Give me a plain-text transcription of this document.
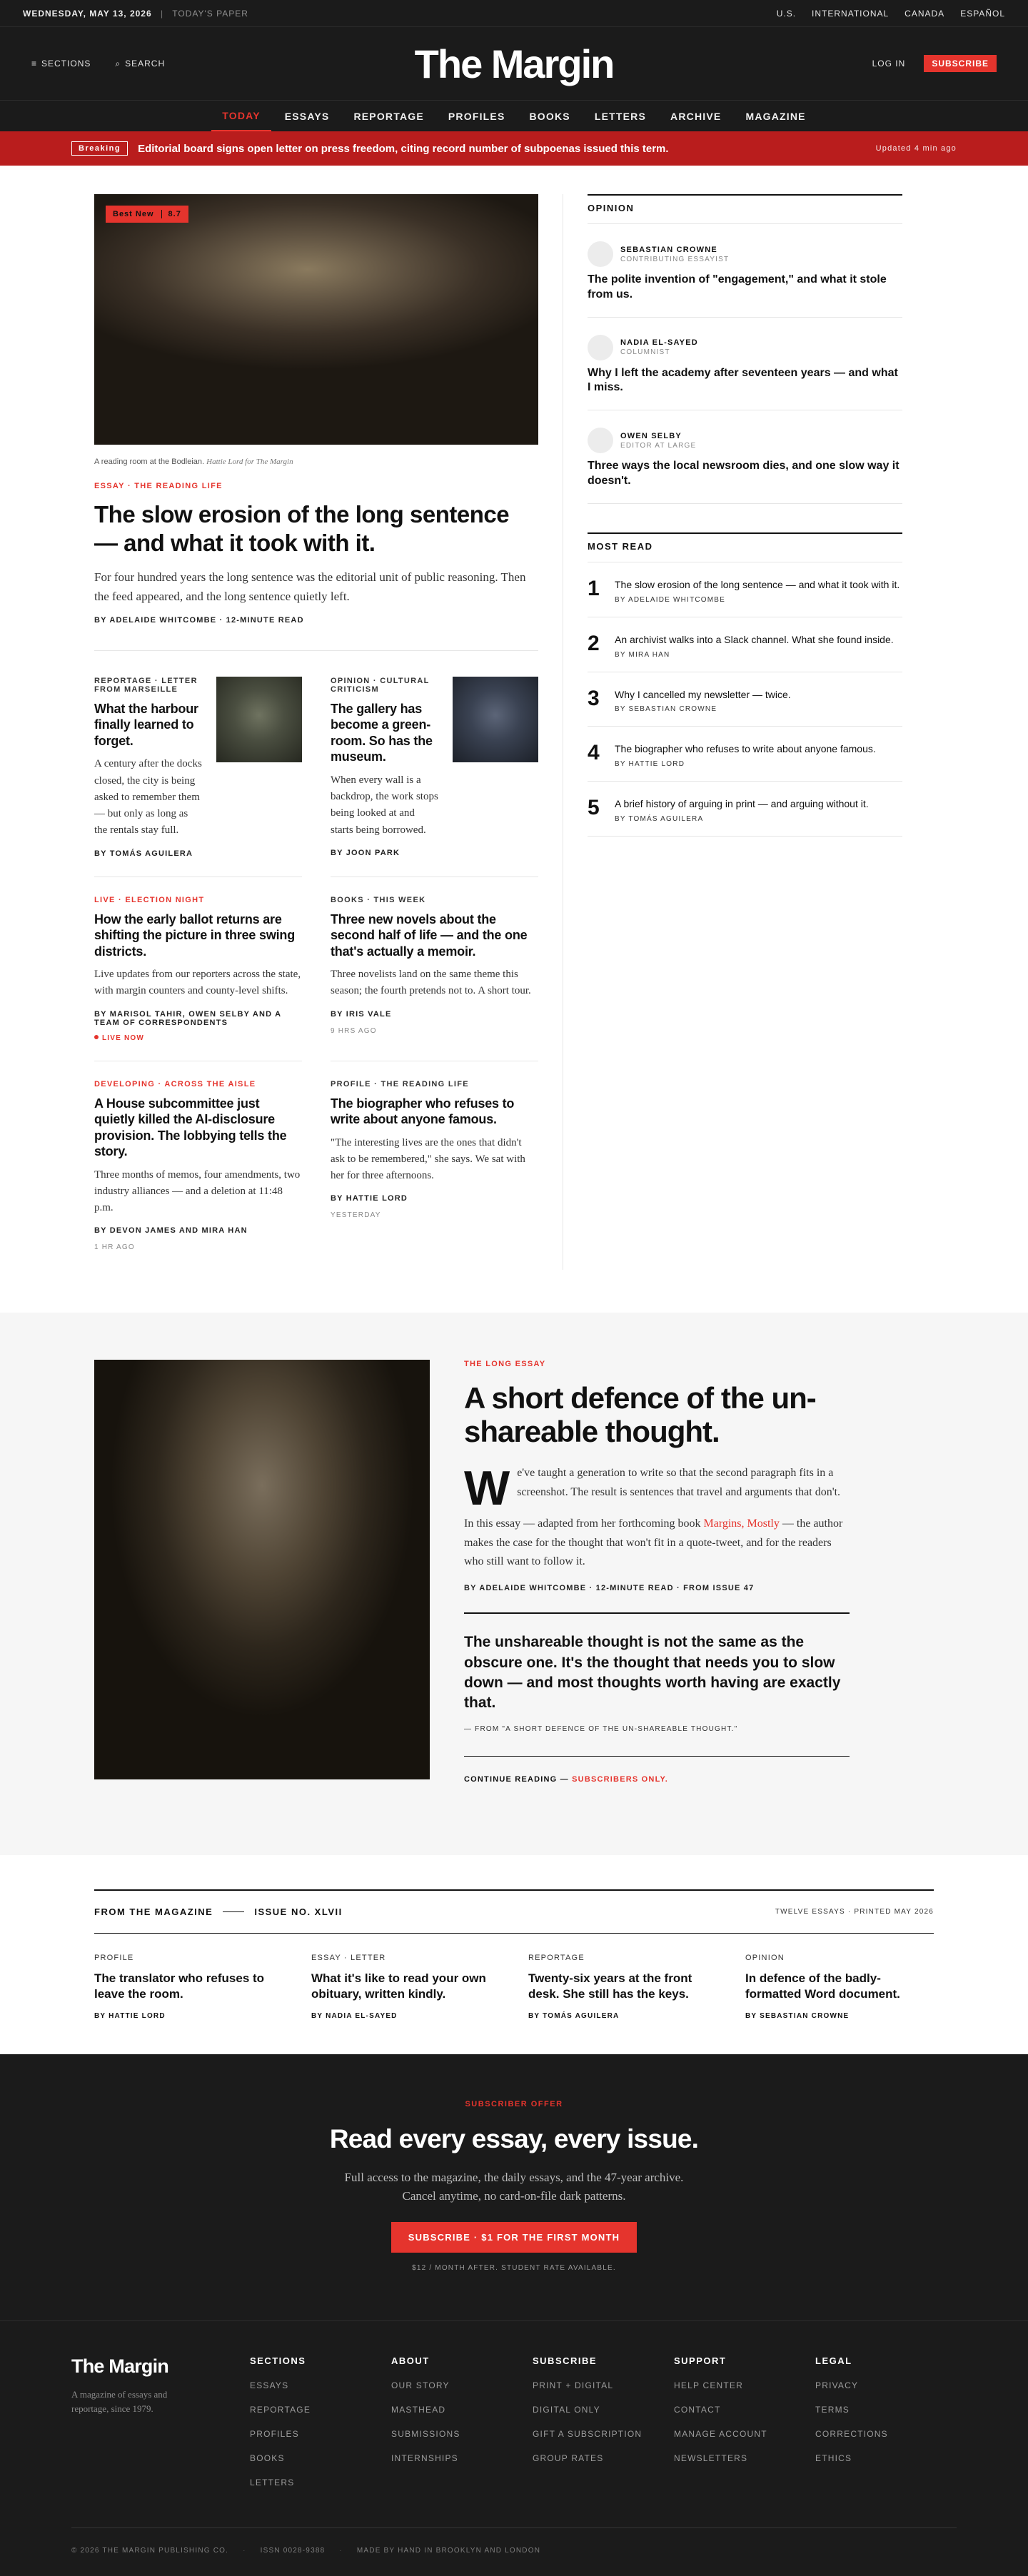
WEDNESDAY, MAY 13, 2026 | TODAY'S PAPER	U.S. INTERNATIONAL CANADA ESPAÑOL
≡ SECTIONS	⌕ SEARCH	The Margin	LOG IN	SUBSCRIBE
TODAY	ESSAYS	REPORTAGE	PROFILES	BOOKS	LETTERS	ARCHIVE	MAGAZINE
Breaking	Editorial board signs open letter on press freedom, citing record number of subpoenas issued this term.	Updated 4 min ago
Best New	8.7
A reading room at the Bodleian. Hattie Lord for The Margin
ESSAY · THE READING LIFE
The slow erosion of the long sentence — and what it took with it.

For four hundred years the long sentence was the editorial unit of public reasoning. Then the feed appeared, and the long sentence quietly left.

BY ADELAIDE WHITCOMBE · 12-MINUTE READ
REPORTAGE · LETTER FROM MARSEILLE
What the harbour finally learned to forget.

A century after the docks closed, the city is being asked to remember them — but only as long as the rentals stay full.

BY TOMÁS AGUILERA
OPINION · CULTURAL CRITICISM
The gallery has become a green-room. So has the museum.

When every wall is a backdrop, the work stops being looked at and starts being borrowed.

BY JOON PARK
LIVE · ELECTION NIGHT
How the early ballot returns are shifting the picture in three swing districts.

Live updates from our reporters across the state, with margin counters and county-level shifts.

BY MARISOL TAHIR, OWEN SELBY AND A TEAM OF CORRESPONDENTS
LIVE NOW
BOOKS · THIS WEEK
Three new novels about the second half of life — and the one that's actually a memoir.

Three novelists land on the same theme this season; the fourth pretends not to. A short tour.

BY IRIS VALE
9 HRS AGO
DEVELOPING · ACROSS THE AISLE
A House subcommittee just quietly killed the AI-disclosure provision. The lobbying tells the story.

Three months of memos, four amendments, two industry alliances — and a deletion at 11:48 p.m.

BY DEVON JAMES AND MIRA HAN
1 HR AGO
PROFILE · THE READING LIFE
The biographer who refuses to write about anyone famous.

"The interesting lives are the ones that didn't ask to be remembered," she says. We sat with her for three afternoons.

BY HATTIE LORD
YESTERDAY
OPINION
SEBASTIAN CROWNE
CONTRIBUTING ESSAYIST
The polite invention of "engagement," and what it stole from us.
NADIA EL-SAYED
COLUMNIST
Why I left the academy after seventeen years — and what I miss.
OWEN SELBY
EDITOR AT LARGE
Three ways the local newsroom dies, and one slow way it doesn't.
MOST READ
1	The slow erosion of the long sentence — and what it took with it.
BY ADELAIDE WHITCOMBE
2	An archivist walks into a Slack channel. What she found inside.
BY MIRA HAN
3	Why I cancelled my newsletter — twice.
BY SEBASTIAN CROWNE
4	The biographer who refuses to write about anyone famous.
BY HATTIE LORD
5	A brief history of arguing in print — and arguing without it.
BY TOMÁS AGUILERA
THE LONG ESSAY
A short defence of the un-shareable thought.

We've taught a generation to write so that the second paragraph fits in a screenshot. The result is sentences that travel and arguments that don't.

In this essay — adapted from her forthcoming book Margins, Mostly — the author makes the case for the thought that won't fit in a quote-tweet, and for the readers who still want to follow it.

BY ADELAIDE WHITCOMBE · 12-MINUTE READ · FROM ISSUE 47
The unshareable thought is not the same as the obscure one. It's the thought that needs you to slow down — and most thoughts worth having are exactly that.
— FROM "A SHORT DEFENCE OF THE UN-SHAREABLE THOUGHT."
CONTINUE READING — SUBSCRIBERS ONLY.
FROM THE MAGAZINE	ISSUE NO. XLVII	TWELVE ESSAYS · PRINTED MAY 2026
PROFILE
The translator who refuses to leave the room.
BY HATTIE LORD
ESSAY · LETTER
What it's like to read your own obituary, written kindly.
BY NADIA EL-SAYED
REPORTAGE
Twenty-six years at the front desk. She still has the keys.
BY TOMÁS AGUILERA
OPINION
In defence of the badly-formatted Word document.
BY SEBASTIAN CROWNE
SUBSCRIBER OFFER
Read every essay, every issue.

Full access to the magazine, the daily essays, and the 47-year archive. Cancel anytime, no card-on-file dark patterns.

SUBSCRIBE · $1 FOR THE FIRST MONTH
$12 / MONTH AFTER. STUDENT RATE AVAILABLE.
The Margin

A magazine of essays and reportage, since 1979.

SECTIONS
ESSAYS
REPORTAGE
PROFILES
BOOKS
LETTERS
ABOUT
OUR STORY
MASTHEAD
SUBMISSIONS
INTERNSHIPS
SUBSCRIBE
PRINT + DIGITAL
DIGITAL ONLY
GIFT A SUBSCRIPTION
GROUP RATES
SUPPORT
HELP CENTER
CONTACT
MANAGE ACCOUNT
NEWSLETTERS
LEGAL
PRIVACY
TERMS
CORRECTIONS
ETHICS
© 2026 THE MARGIN PUBLISHING CO. · ISSN 0028-9388 · MADE BY HAND IN BROOKLYN AND LONDON
